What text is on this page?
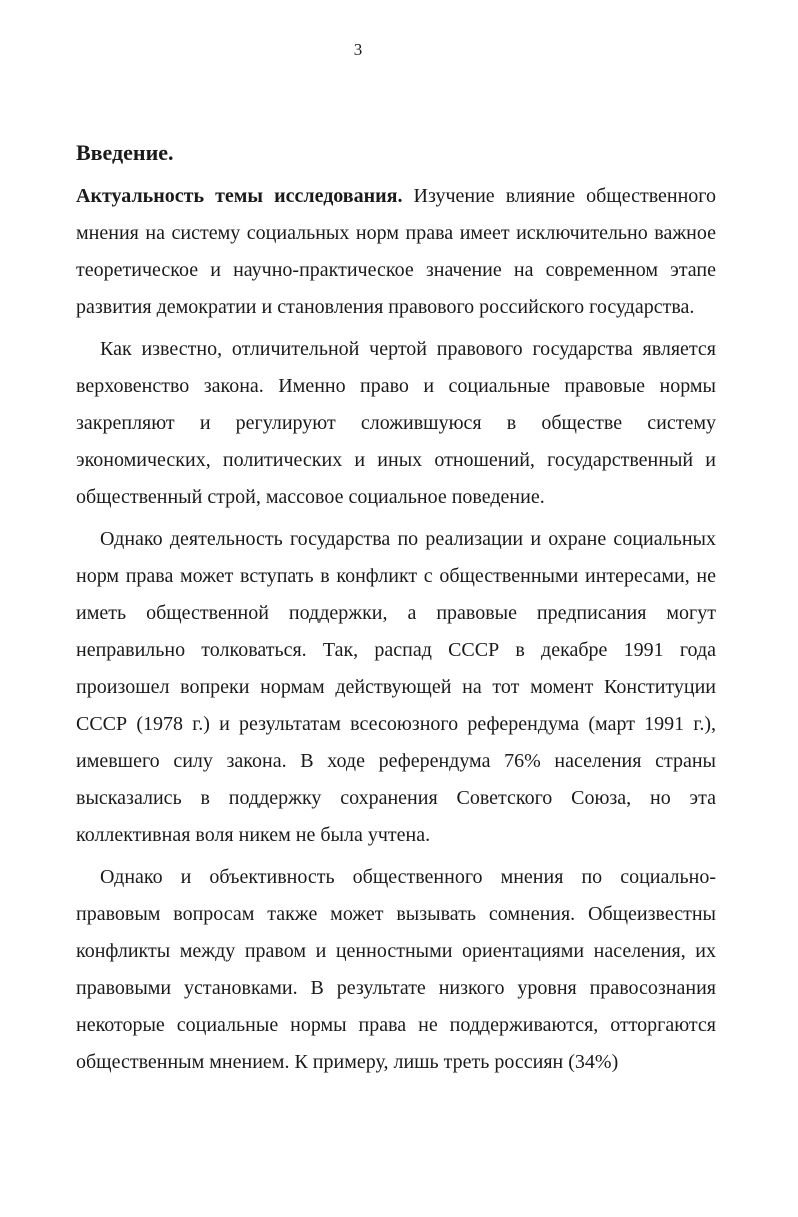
3
Введение.

Актуальность темы исследования. Изучение влияние общественного мнения на систему социальных норм права имеет исключительно важное теоретическое и научно-практическое значение на современном этапе развития демократии и становления правового российского государства.

Как известно, отличительной чертой правового государства является верховенство закона. Именно право и социальные правовые нормы закрепляют и регулируют сложившуюся в обществе систему экономических, политических и иных отношений, государственный и общественный строй, массовое социальное поведение.

Однако деятельность государства по реализации и охране социальных норм права может вступать в конфликт с общественными интересами, не иметь общественной поддержки, а правовые предписания могут неправильно толковаться. Так, распад СССР в декабре 1991 года произошел вопреки нормам действующей на тот момент Конституции СССР (1978 г.) и результатам всесоюзного референдума (март 1991 г.), имевшего силу закона. В ходе референдума 76% населения страны высказались в поддержку сохранения Советского Союза, но эта коллективная воля никем не была учтена.

Однако и объективность общественного мнения по социально-правовым вопросам также может вызывать сомнения. Общеизвестны конфликты между правом и ценностными ориентациями населения, их правовыми установками. В результате низкого уровня правосознания некоторые социальные нормы права не поддерживаются, отторгаются общественным мнением. К примеру, лишь треть россиян (34%)
